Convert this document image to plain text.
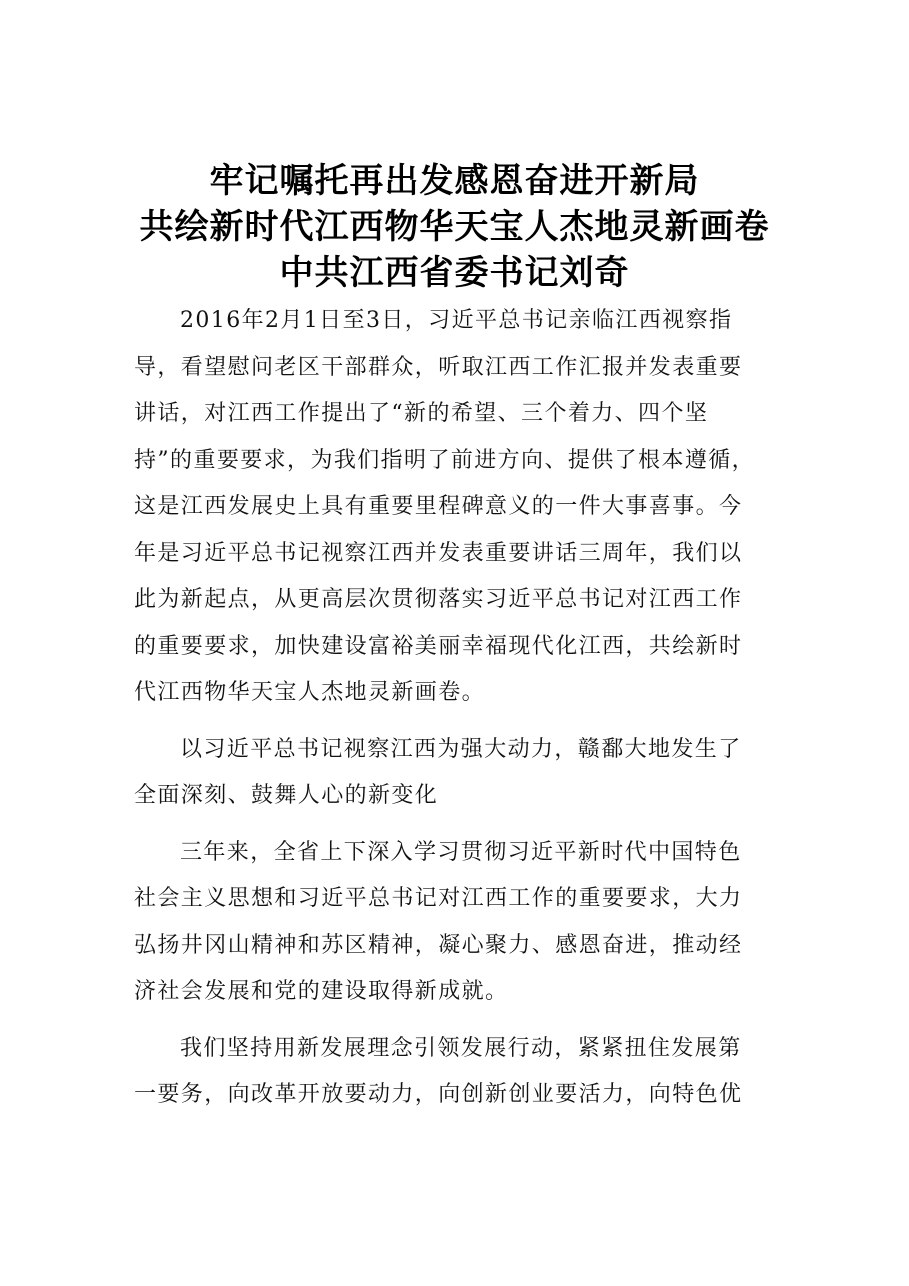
牢记嘱托再出发感恩奋进开新局
共绘新时代江西物华天宝人杰地灵新画卷
中共江西省委书记刘奇
2016年2月1日至3日，习近平总书记亲临江西视察指
导，看望慰问老区干部群众，听取江西工作汇报并发表重要
讲话，对江西工作提出了“新的希望、三个着力、四个坚
持”的重要要求，为我们指明了前进方向、提供了根本遵循，
这是江西发展史上具有重要里程碑意义的一件大事喜事。今
年是习近平总书记视察江西并发表重要讲话三周年，我们以
此为新起点，从更高层次贯彻落实习近平总书记对江西工作
的重要要求，加快建设富裕美丽幸福现代化江西，共绘新时
代江西物华天宝人杰地灵新画卷。
以习近平总书记视察江西为强大动力，赣鄱大地发生了
全面深刻、鼓舞人心的新变化
三年来，全省上下深入学习贯彻习近平新时代中国特色
社会主义思想和习近平总书记对江西工作的重要要求，大力
弘扬井冈山精神和苏区精神，凝心聚力、感恩奋进，推动经
济社会发展和党的建设取得新成就。
我们坚持用新发展理念引领发展行动，紧紧扭住发展第
一要务，向改革开放要动力，向创新创业要活力，向特色优
